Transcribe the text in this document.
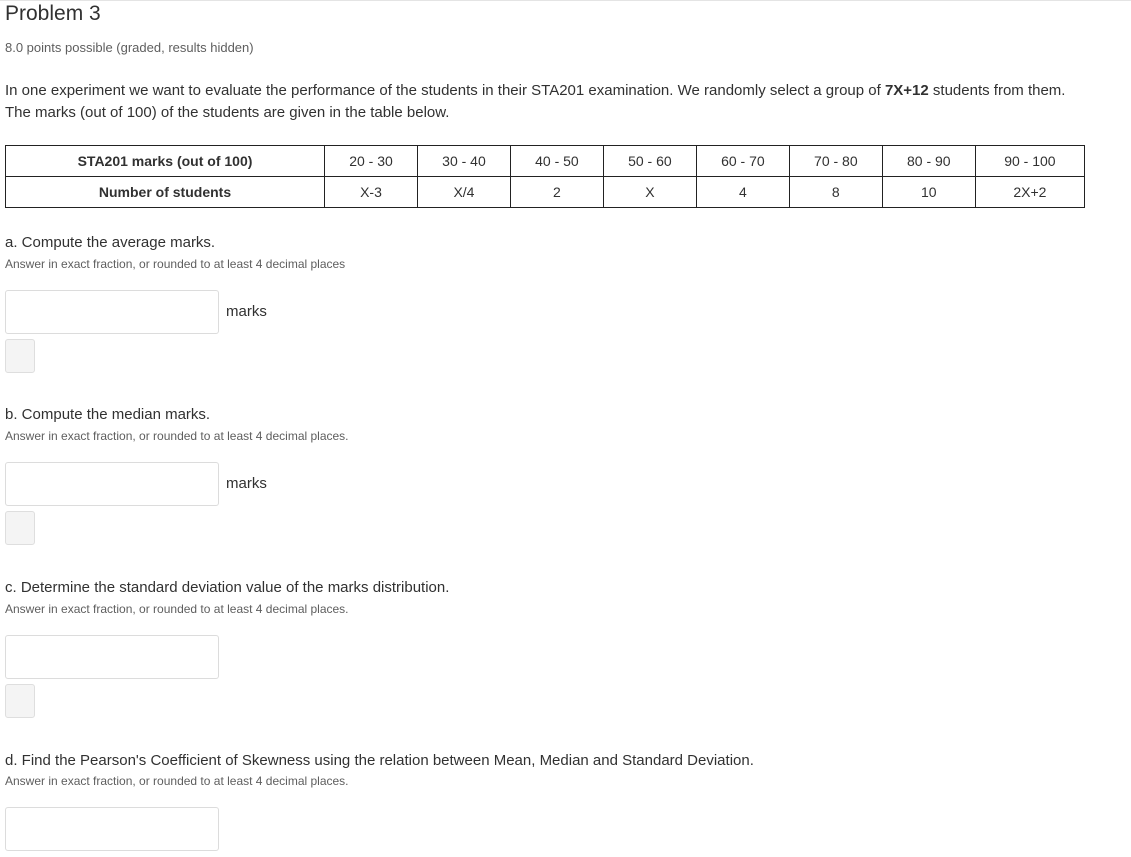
Problem 3
8.0 points possible (graded, results hidden)
In one experiment we want to evaluate the performance of the students in their STA201 examination. We randomly select a group of 7X+12 students from them. The marks (out of 100) of the students are given in the table below.
STA201 marks (out of 100)	20 - 30	30 - 40	40 - 50	50 - 60	60 - 70	70 - 80	80 - 90	90 - 100
Number of students	X-3	X/4	2	X	4	8	10	2X+2
a. Compute the average marks.
Answer in exact fraction, or rounded to at least 4 decimal places
marks
b. Compute the median marks.
Answer in exact fraction, or rounded to at least 4 decimal places.
marks
c. Determine the standard deviation value of the marks distribution.
Answer in exact fraction, or rounded to at least 4 decimal places.
d. Find the Pearson's Coefficient of Skewness using the relation between Mean, Median and Standard Deviation.
Answer in exact fraction, or rounded to at least 4 decimal places.
